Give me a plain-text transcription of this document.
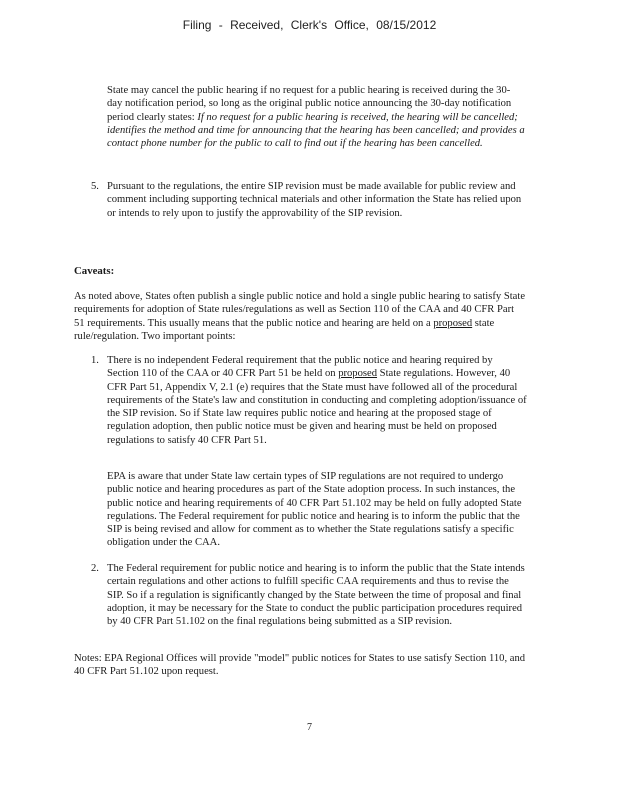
Filing - Received, Clerk's Office, 08/15/2012
State may cancel the public hearing if no request for a public hearing is received during the 30-day notification period, so long as the original public notice announcing the 30-day notification period clearly states: If no request for a public hearing is received, the hearing will be cancelled; identifies the method and time for announcing that the hearing has been cancelled; and provides a contact phone number for the public to call to find out if the hearing has been cancelled.
5. Pursuant to the regulations, the entire SIP revision must be made available for public review and comment including supporting technical materials and other information the State has relied upon or intends to rely upon to justify the approvability of the SIP revision.
Caveats:
As noted above, States often publish a single public notice and hold a single public hearing to satisfy State requirements for adoption of State rules/regulations as well as Section 110 of the CAA and 40 CFR Part 51 requirements. This usually means that the public notice and hearing are held on a proposed state rule/regulation. Two important points:
1. There is no independent Federal requirement that the public notice and hearing required by Section 110 of the CAA or 40 CFR Part 51 be held on proposed State regulations. However, 40 CFR Part 51, Appendix V, 2.1 (e) requires that the State must have followed all of the procedural requirements of the State's law and constitution in conducting and completing adoption/issuance of the SIP revision. So if State law requires public notice and hearing at the proposed stage of regulation adoption, then public notice must be given and hearing must be held on proposed regulations to satisfy 40 CFR Part 51.
EPA is aware that under State law certain types of SIP regulations are not required to undergo public notice and hearing procedures as part of the State adoption process. In such instances, the public notice and hearing requirements of 40 CFR Part 51.102 may be held on fully adopted State regulations. The Federal requirement for public notice and hearing is to inform the public that the SIP is being revised and allow for comment as to whether the State regulations satisfy a specific obligation under the CAA.
2. The Federal requirement for public notice and hearing is to inform the public that the State intends certain regulations and other actions to fulfill specific CAA requirements and thus to revise the SIP. So if a regulation is significantly changed by the State between the time of proposal and final adoption, it may be necessary for the State to conduct the public participation procedures required by 40 CFR Part 51.102 on the final regulations being submitted as a SIP revision.
Notes: EPA Regional Offices will provide "model" public notices for States to use satisfy Section 110, and 40 CFR Part 51.102 upon request.
7
